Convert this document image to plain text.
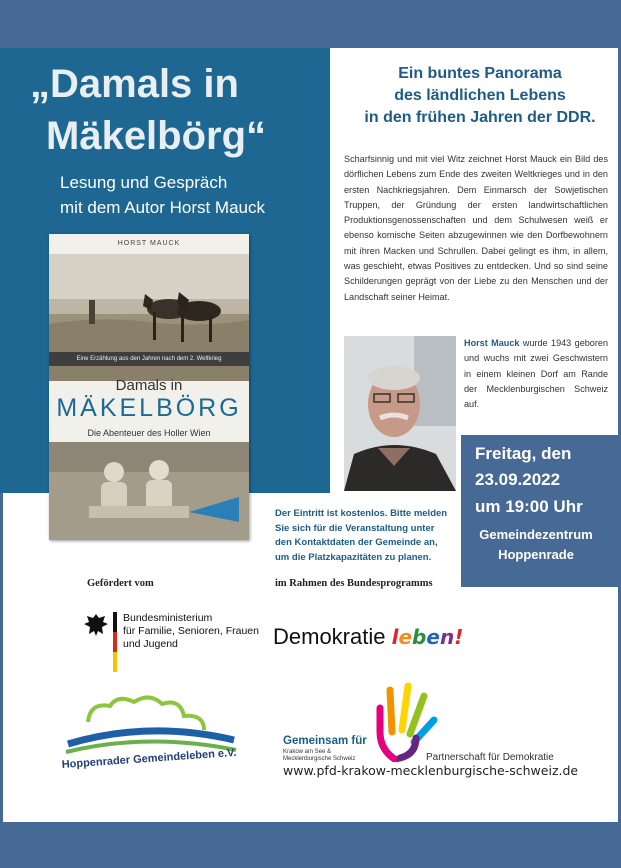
„Damals in
Mäkelbörg“
Lesung und Gespräch
mit dem Autor Horst Mauck
HORST MAUCK
Eine Erzählung aus den Jahren nach dem 2. Weltkrieg
Damals in
MÄKELBÖRG
Die Abenteuer des Holler Wien
Ein buntes Panorama
des ländlichen Lebens
in den frühen Jahren der DDR.

Scharfsinnig und mit viel Witz zeichnet Horst Mauck ein Bild des dörflichen Lebens zum Ende des zweiten Weltkrieges und in den ersten Nachkriegsjahren. Dem Einmarsch der Sowjetischen Truppen, der Gründung der ersten landwirtschaftlichen Produktionsgenossenschaften und dem Schulwesen weiß er ebenso komische Seiten abzugewinnen wie den Dorfbewohnern mit ihren Macken und Schrullen. Dabei gelingt es ihm, in allem, was geschieht, etwas Positives zu entdecken. Und so sind seine Schilderungen geprägt von der Liebe zu den Menschen und der Landschaft seiner Heimat.

Horst Mauck wurde 1943 geboren und wuchs mit zwei Geschwistern in einem kleinen Dorf am Rande der Mecklenburgischen Schweiz auf.

Freitag, den
23.09.2022
um 19:00 Uhr
Gemeindezentrum
Hoppenrade
Der Eintritt ist kostenlos. Bitte melden
Sie sich für die Veranstaltung unter
den Kontaktdaten der Gemeinde an,
um die Platzkapazitäten zu planen.
Gefördert vom	im Rahmen des Bundesprogramms
Bundesministerium
für Familie, Senioren, Frauen
und Jugend	Demokratie leben!
Hoppenrader Gemeindeleben e.V.
Gemeinsam für
Krakow am See &
Mecklenburgische Schweiz	Partnerschaft für Demokratie
www.pfd-krakow-mecklenburgische-schweiz.de
